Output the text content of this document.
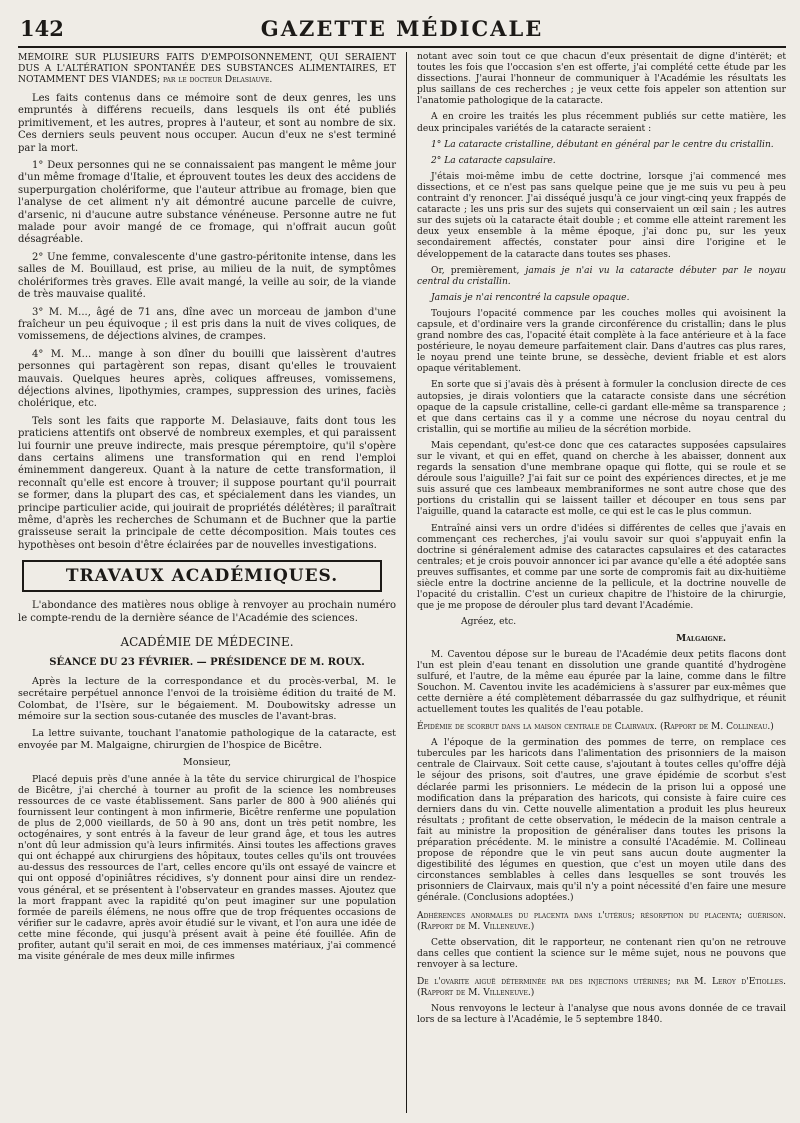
142	GAZETTE MÉDICALE

MÉMOIRE SUR PLUSIEURS FAITS D'EMPOISONNEMENT, QUI SERAIENT DUS A L'ALTÉRATION SPONTANÉE DES SUBSTANCES ALIMENTAIRES, ET NOTAMMENT DES VIANDES; par le docteur Delasiauve.

Les faits contenus dans ce mémoire sont de deux genres, les uns empruntés à différens recueils, dans lesquels ils ont été publiés primitivement, et les autres, propres à l'auteur, et sont au nombre de six. Ces derniers seuls peuvent nous occuper. Aucun d'eux ne s'est terminé par la mort.

1° Deux personnes qui ne se connaissaient pas mangent le même jour d'un même fromage d'Italie, et éprouvent toutes les deux des accidens de superpurgation cholériforme, que l'auteur attribue au fromage, bien que l'analyse de cet aliment n'y ait démontré aucune parcelle de cuivre, d'arsenic, ni d'aucune autre substance vénéneuse. Personne autre ne fut malade pour avoir mangé de ce fromage, qui n'offrait aucun goût désagréable.

2° Une femme, convalescente d'une gastro-péritonite intense, dans les salles de M. Bouillaud, est prise, au milieu de la nuit, de symptômes cholériformes très graves. Elle avait mangé, la veille au soir, de la viande de très mauvaise qualité.

3° M. M..., âgé de 71 ans, dîne avec un morceau de jambon d'une fraîcheur un peu équivoque ; il est pris dans la nuit de vives coliques, de vomissemens, de déjections alvines, de crampes.

4° M. M... mange à son dîner du bouilli que laissèrent d'autres personnes qui partagèrent son repas, disant qu'elles le trouvaient mauvais. Quelques heures après, coliques affreuses, vomissemens, déjections alvines, lipothymies, crampes, suppression des urines, faciès cholérique, etc.

Tels sont les faits que rapporte M. Delasiauve, faits dont tous les praticiens attentifs ont observé de nombreux exemples, et qui paraissent lui fournir une preuve indirecte, mais presque péremptoire, qu'il s'opère dans certains alimens une transformation qui en rend l'emploi éminemment dangereux. Quant à la nature de cette transformation, il reconnaît qu'elle est encore à trouver; il suppose pourtant qu'il pourrait se former, dans la plupart des cas, et spécialement dans les viandes, un principe particulier acide, qui jouirait de propriétés délétères; il paraîtrait même, d'après les recherches de Schumann et de Buchner que la partie graisseuse serait la principale de cette décomposition. Mais toutes ces hypothèses ont besoin d'être éclairées par de nouvelles investigations.

TRAVAUX ACADÉMIQUES.

L'abondance des matières nous oblige à renvoyer au prochain numéro le compte-rendu de la dernière séance de l'Académie des sciences.

ACADÉMIE DE MÉDECINE.

SÉANCE DU 23 FÉVRIER. — PRÉSIDENCE DE M. ROUX.

Après la lecture de la correspondance et du procès-verbal, M. le secrétaire perpétuel annonce l'envoi de la troisième édition du traité de M. Colombat, de l'Isère, sur le bégaiement. M. Doubowitsky adresse un mémoire sur la section sous-cutanée des muscles de l'avant-bras.

La lettre suivante, touchant l'anatomie pathologique de la cataracte, est envoyée par M. Malgaigne, chirurgien de l'hospice de Bicêtre.

Monsieur,

Placé depuis près d'une année à la tête du service chirurgical de l'hospice de Bicêtre, j'ai cherché à tourner au profit de la science les nombreuses ressources de ce vaste établissement. Sans parler de 800 à 900 aliénés qui fournissent leur contingent à mon infirmerie, Bicêtre renferme une population de plus de 2,000 vieillards, de 50 à 90 ans, dont un très petit nombre, les octogénaires, y sont entrés à la faveur de leur grand âge, et tous les autres n'ont dû leur admission qu'à leurs infirmités. Ainsi toutes les affections graves qui ont échappé aux chirurgiens des hôpitaux, toutes celles qu'ils ont trouvées au-dessus des ressources de l'art, celles encore qu'ils ont essayé de vaincre et qui ont opposé d'opiniâtres récidives, s'y donnent pour ainsi dire un rendez-vous général, et se présentent à l'observateur en grandes masses. Ajoutez que la mort frappant avec la rapidité qu'on peut imaginer sur une population formée de pareils élémens, ne nous offre que de trop fréquentes occasions de vérifier sur le cadavre, après avoir étudié sur le vivant, et l'on aura une idée de cette mine féconde, qui jusqu'à présent avait à peine été fouillée. Afin de profiter, autant qu'il serait en moi, de ces immenses matériaux, j'ai commencé ma visite générale de mes deux mille infirmes

notant avec soin tout ce que chacun d'eux présentait de digne d'intérêt; et toutes les fois que l'occasion s'en est offerte, j'ai complété cette étude par les dissections. J'aurai l'honneur de communiquer à l'Académie les résultats les plus saillans de ces recherches ; je veux cette fois appeler son attention sur l'anatomie pathologique de la cataracte.

A en croire les traités les plus récemment publiés sur cette matière, les deux principales variétés de la cataracte seraient :

1° La cataracte cristalline, débutant en général par le centre du cristallin.

2° La cataracte capsulaire.

J'étais moi-même imbu de cette doctrine, lorsque j'ai commencé mes dissections, et ce n'est pas sans quelque peine que je me suis vu peu à peu contraint d'y renoncer. J'ai disséqué jusqu'à ce jour vingt-cinq yeux frappés de cataracte ; les uns pris sur des sujets qui conservaient un œil sain ; les autres sur des sujets où la cataracte était double ; et comme elle atteint rarement les deux yeux ensemble à la même époque, j'ai donc pu, sur les yeux secondairement affectés, constater pour ainsi dire l'origine et le développement de la cataracte dans toutes ses phases.

Or, premièrement, jamais je n'ai vu la cataracte débuter par le noyau central du cristallin.

Jamais je n'ai rencontré la capsule opaque.

Toujours l'opacité commence par les couches molles qui avoisinent la capsule, et d'ordinaire vers la grande circonférence du cristallin; dans le plus grand nombre des cas, l'opacité était complète à la face antérieure et à la face postérieure, le noyau demeure parfaitement clair. Dans d'autres cas plus rares, le noyau prend une teinte brune, se dessèche, devient friable et est alors opaque véritablement.

En sorte que si j'avais dès à présent à formuler la conclusion directe de ces autopsies, je dirais volontiers que la cataracte consiste dans une sécrétion opaque de la capsule cristalline, celle-ci gardant elle-même sa transparence ; et que dans certains cas il y a comme une nécrose du noyau central du cristallin, qui se mortifie au milieu de la sécrétion morbide.

Mais cependant, qu'est-ce donc que ces cataractes supposées capsulaires sur le vivant, et qui en effet, quand on cherche à les abaisser, donnent aux regards la sensation d'une membrane opaque qui flotte, qui se roule et se déroule sous l'aiguille? J'ai fait sur ce point des expériences directes, et je me suis assuré que ces lambeaux membraniformes ne sont autre chose que des portions du cristallin qui se laissent tailler et découper en tous sens par l'aiguille, quand la cataracte est molle, ce qui est le cas le plus commun.

Entraîné ainsi vers un ordre d'idées si différentes de celles que j'avais en commençant ces recherches, j'ai voulu savoir sur quoi s'appuyait enfin la doctrine si généralement admise des cataractes capsulaires et des cataractes centrales; et je crois pouvoir annoncer ici par avance qu'elle a été adoptée sans preuves suffisantes, et comme par une sorte de compromis fait au dix-huitième siècle entre la doctrine ancienne de la pellicule, et la doctrine nouvelle de l'opacité du cristallin. C'est un curieux chapitre de l'histoire de la chirurgie, que je me propose de dérouler plus tard devant l'Académie.

Agréez, etc.

Malgaigne.

M. Caventou dépose sur le bureau de l'Académie deux petits flacons dont l'un est plein d'eau tenant en dissolution une grande quantité d'hydrogène sulfuré, et l'autre, de la même eau épurée par la laine, comme dans le filtre Souchon. M. Caventou invite les académiciens à s'assurer par eux-mêmes que cette dernière a été complètement débarrassée du gaz sulfhydrique, et réunit actuellement toutes les qualités de l'eau potable.

Épidémie de scorbut dans la maison centrale de Clairvaux. (Rapport de M. Collineau.)

A l'époque de la germination des pommes de terre, on remplace ces tubercules par les haricots dans l'alimentation des prisonniers de la maison centrale de Clairvaux. Soit cette cause, s'ajoutant à toutes celles qu'offre déjà le séjour des prisons, soit d'autres, une grave épidémie de scorbut s'est déclarée parmi les prisonniers. Le médecin de la prison lui a opposé une modification dans la préparation des haricots, qui consiste à faire cuire ces derniers dans du vin. Cette nouvelle alimentation a produit les plus heureux résultats ; profitant de cette observation, le médecin de la maison centrale a fait au ministre la proposition de généraliser dans toutes les prisons la préparation précédente. M. le ministre a consulté l'Académie. M. Collineau propose de répondre que le vin peut sans aucun doute augmenter la digestibilité des légumes en question, que c'est un moyen utile dans des circonstances semblables à celles dans lesquelles se sont trouvés les prisonniers de Clairvaux, mais qu'il n'y a point nécessité d'en faire une mesure générale. (Conclusions adoptées.)

Adhérences anormales du placenta dans l'utérus; résorption du placenta; guérison. (Rapport de M. Villeneuve.)

Cette observation, dit le rapporteur, ne contenant rien qu'on ne retrouve dans celles que contient la science sur le même sujet, nous ne pouvons que renvoyer à sa lecture.

De l'ovarite aiguë déterminée par des injections utérines; par M. Leroy d'Etiolles. (Rapport de M. Villeneuve.)

Nous renvoyons le lecteur à l'analyse que nous avons donnée de ce travail lors de sa lecture à l'Académie, le 5 septembre 1840.
